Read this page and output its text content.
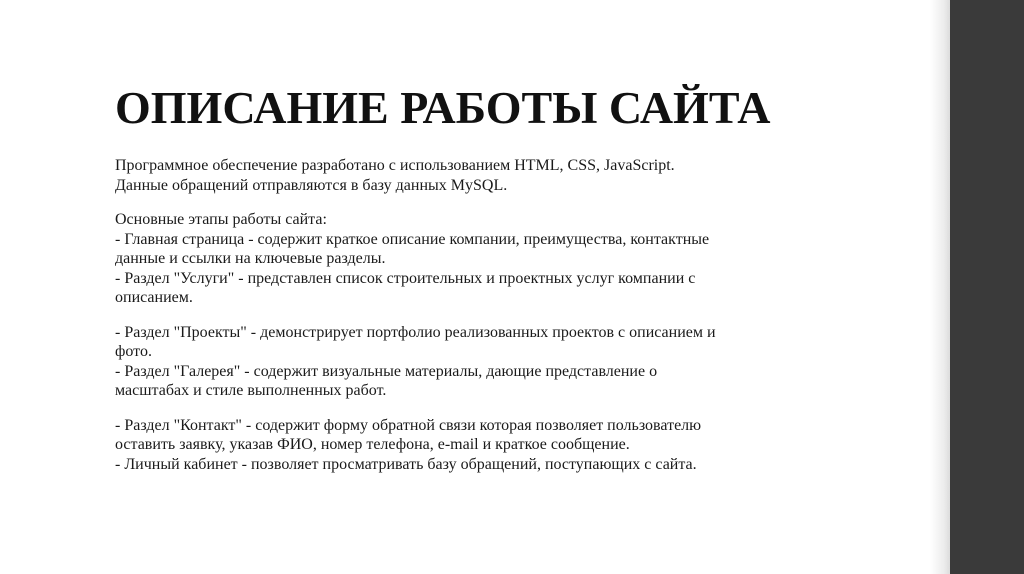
ОПИСАНИЕ РАБОТЫ САЙТА

Программное обеспечение разработано с использованием HTML, CSS, JavaScript.
Данные обращений отправляются в базу данных MySQL.

Основные этапы работы сайта:
- Главная страница - содержит краткое описание компании, преимущества, контактные
данные и ссылки на ключевые разделы.
- Раздел "Услуги" - представлен список строительных и проектных услуг компании с
описанием.

- Раздел "Проекты" - демонстрирует портфолио реализованных проектов с описанием и
фото.
- Раздел "Галерея" - содержит визуальные материалы, дающие представление о
масштабах и стиле выполненных работ.

- Раздел "Контакт" - содержит форму обратной связи которая позволяет пользователю
оставить заявку, указав ФИО, номер телефона, e-mail и краткое сообщение.
- Личный кабинет - позволяет просматривать базу обращений, поступающих с сайта.
